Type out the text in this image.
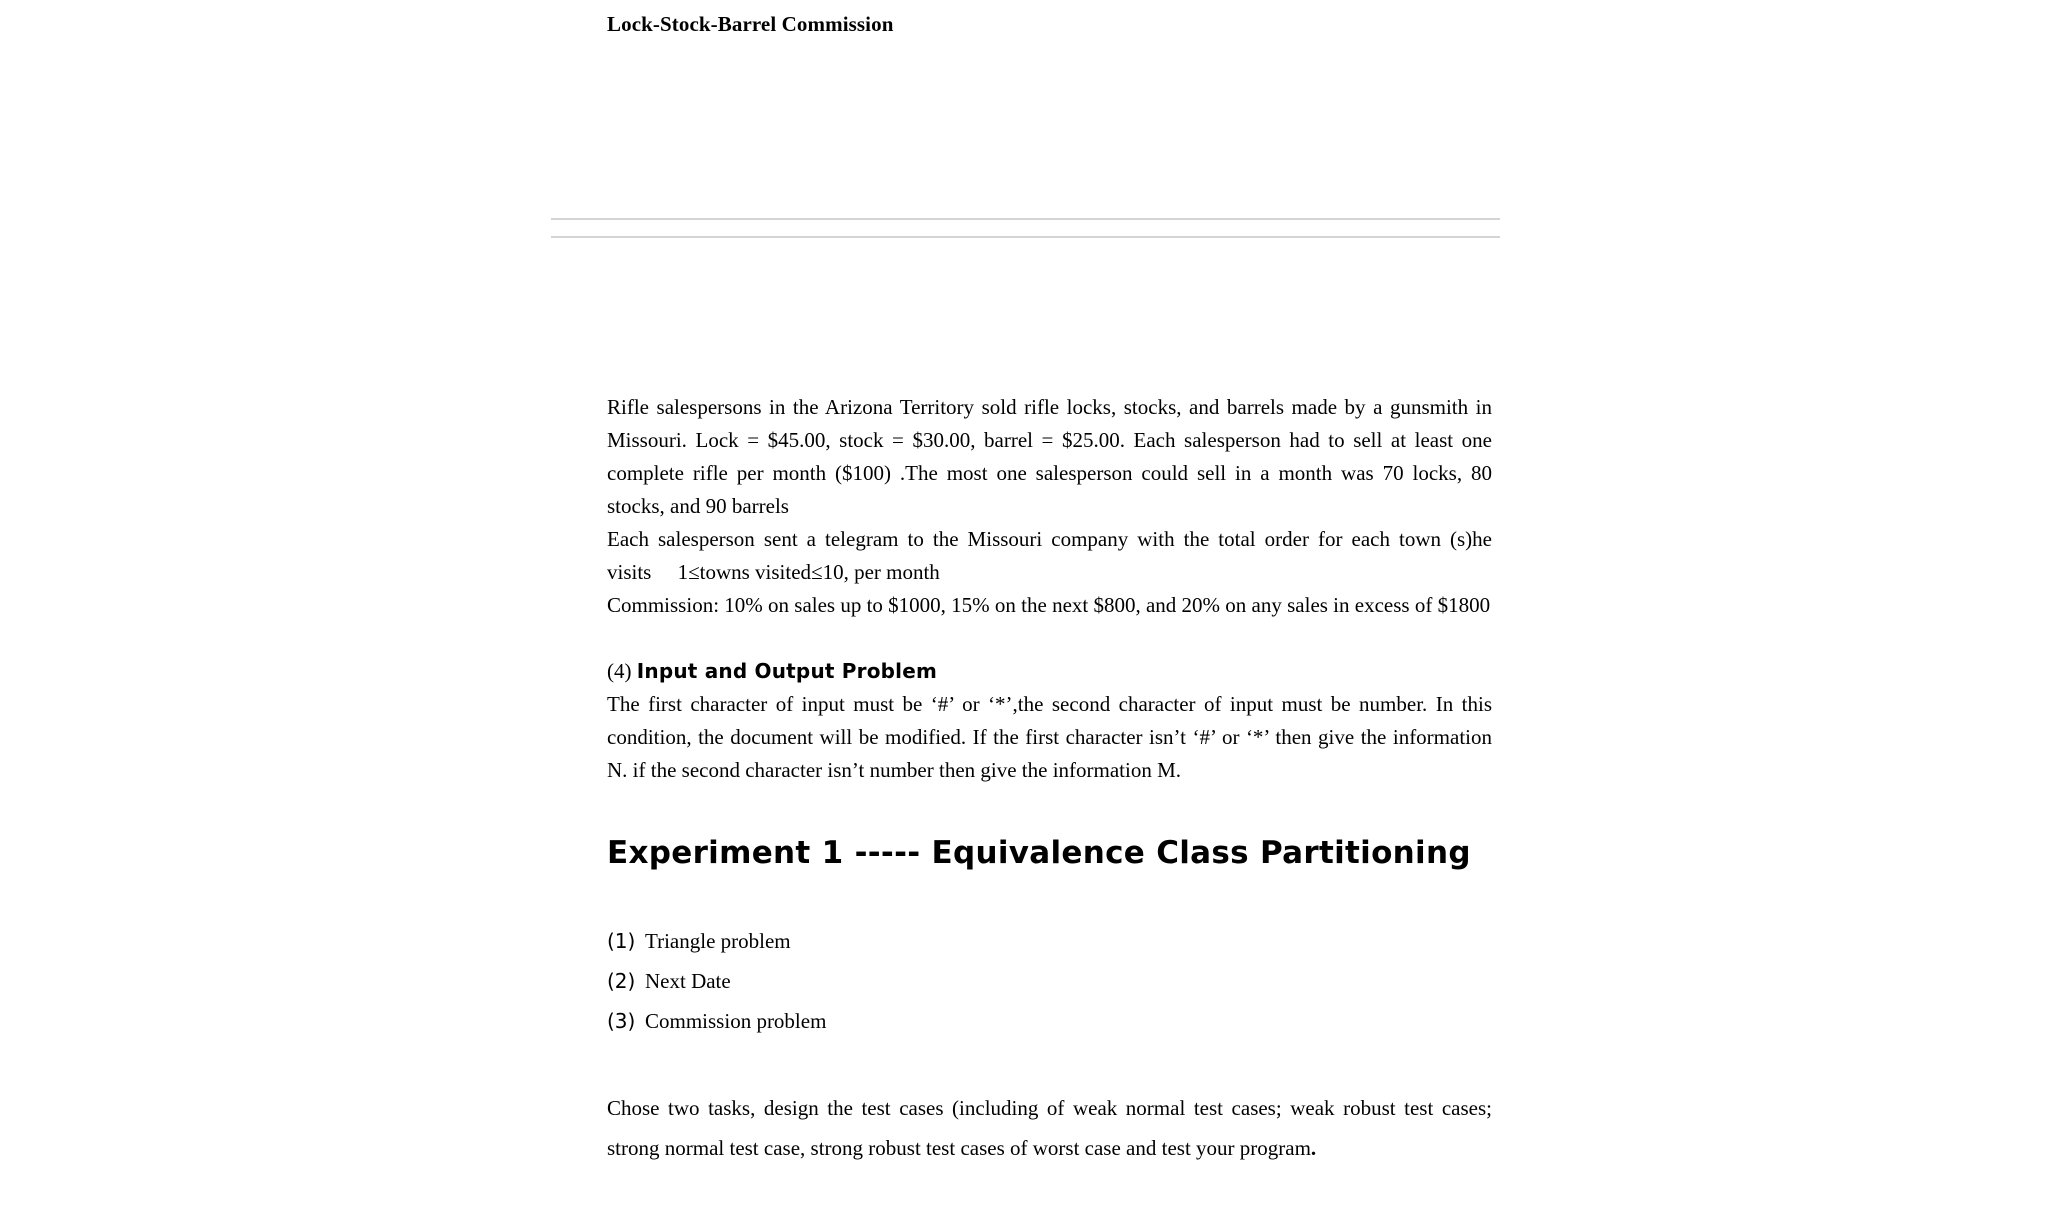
Lock-Stock-Barrel Commission

Rifle salespersons in the Arizona Territory sold rifle locks, stocks, and barrels made by a gunsmith in Missouri. Lock = $45.00, stock = $30.00, barrel = $25.00. Each salesperson had to sell at least one complete rifle per month ($100) .The most one salesperson could sell in a month was 70 locks, 80 stocks, and 90 barrels

Each salesperson sent a telegram to the Missouri company with the total order for each town (s)he visits  1≤towns visited≤10, per month

Commission: 10% on sales up to $1000, 15% on the next $800, and 20% on any sales in excess of $1800

(4) Input and Output Problem

The first character of input must be ‘#’ or ‘*’,the second character of input must be number. In this condition, the document will be modified. If the first character isn’t ‘#’ or ‘*’ then give the information N. if the second character isn’t number then give the information M.

Experiment 1 ----- Equivalence Class Partitioning
(1) Triangle problem
(2) Next Date
(3) Commission problem

Chose two tasks, design the test cases (including of weak normal test cases; weak robust test cases; strong normal test case, strong robust test cases of worst case and test your program.
